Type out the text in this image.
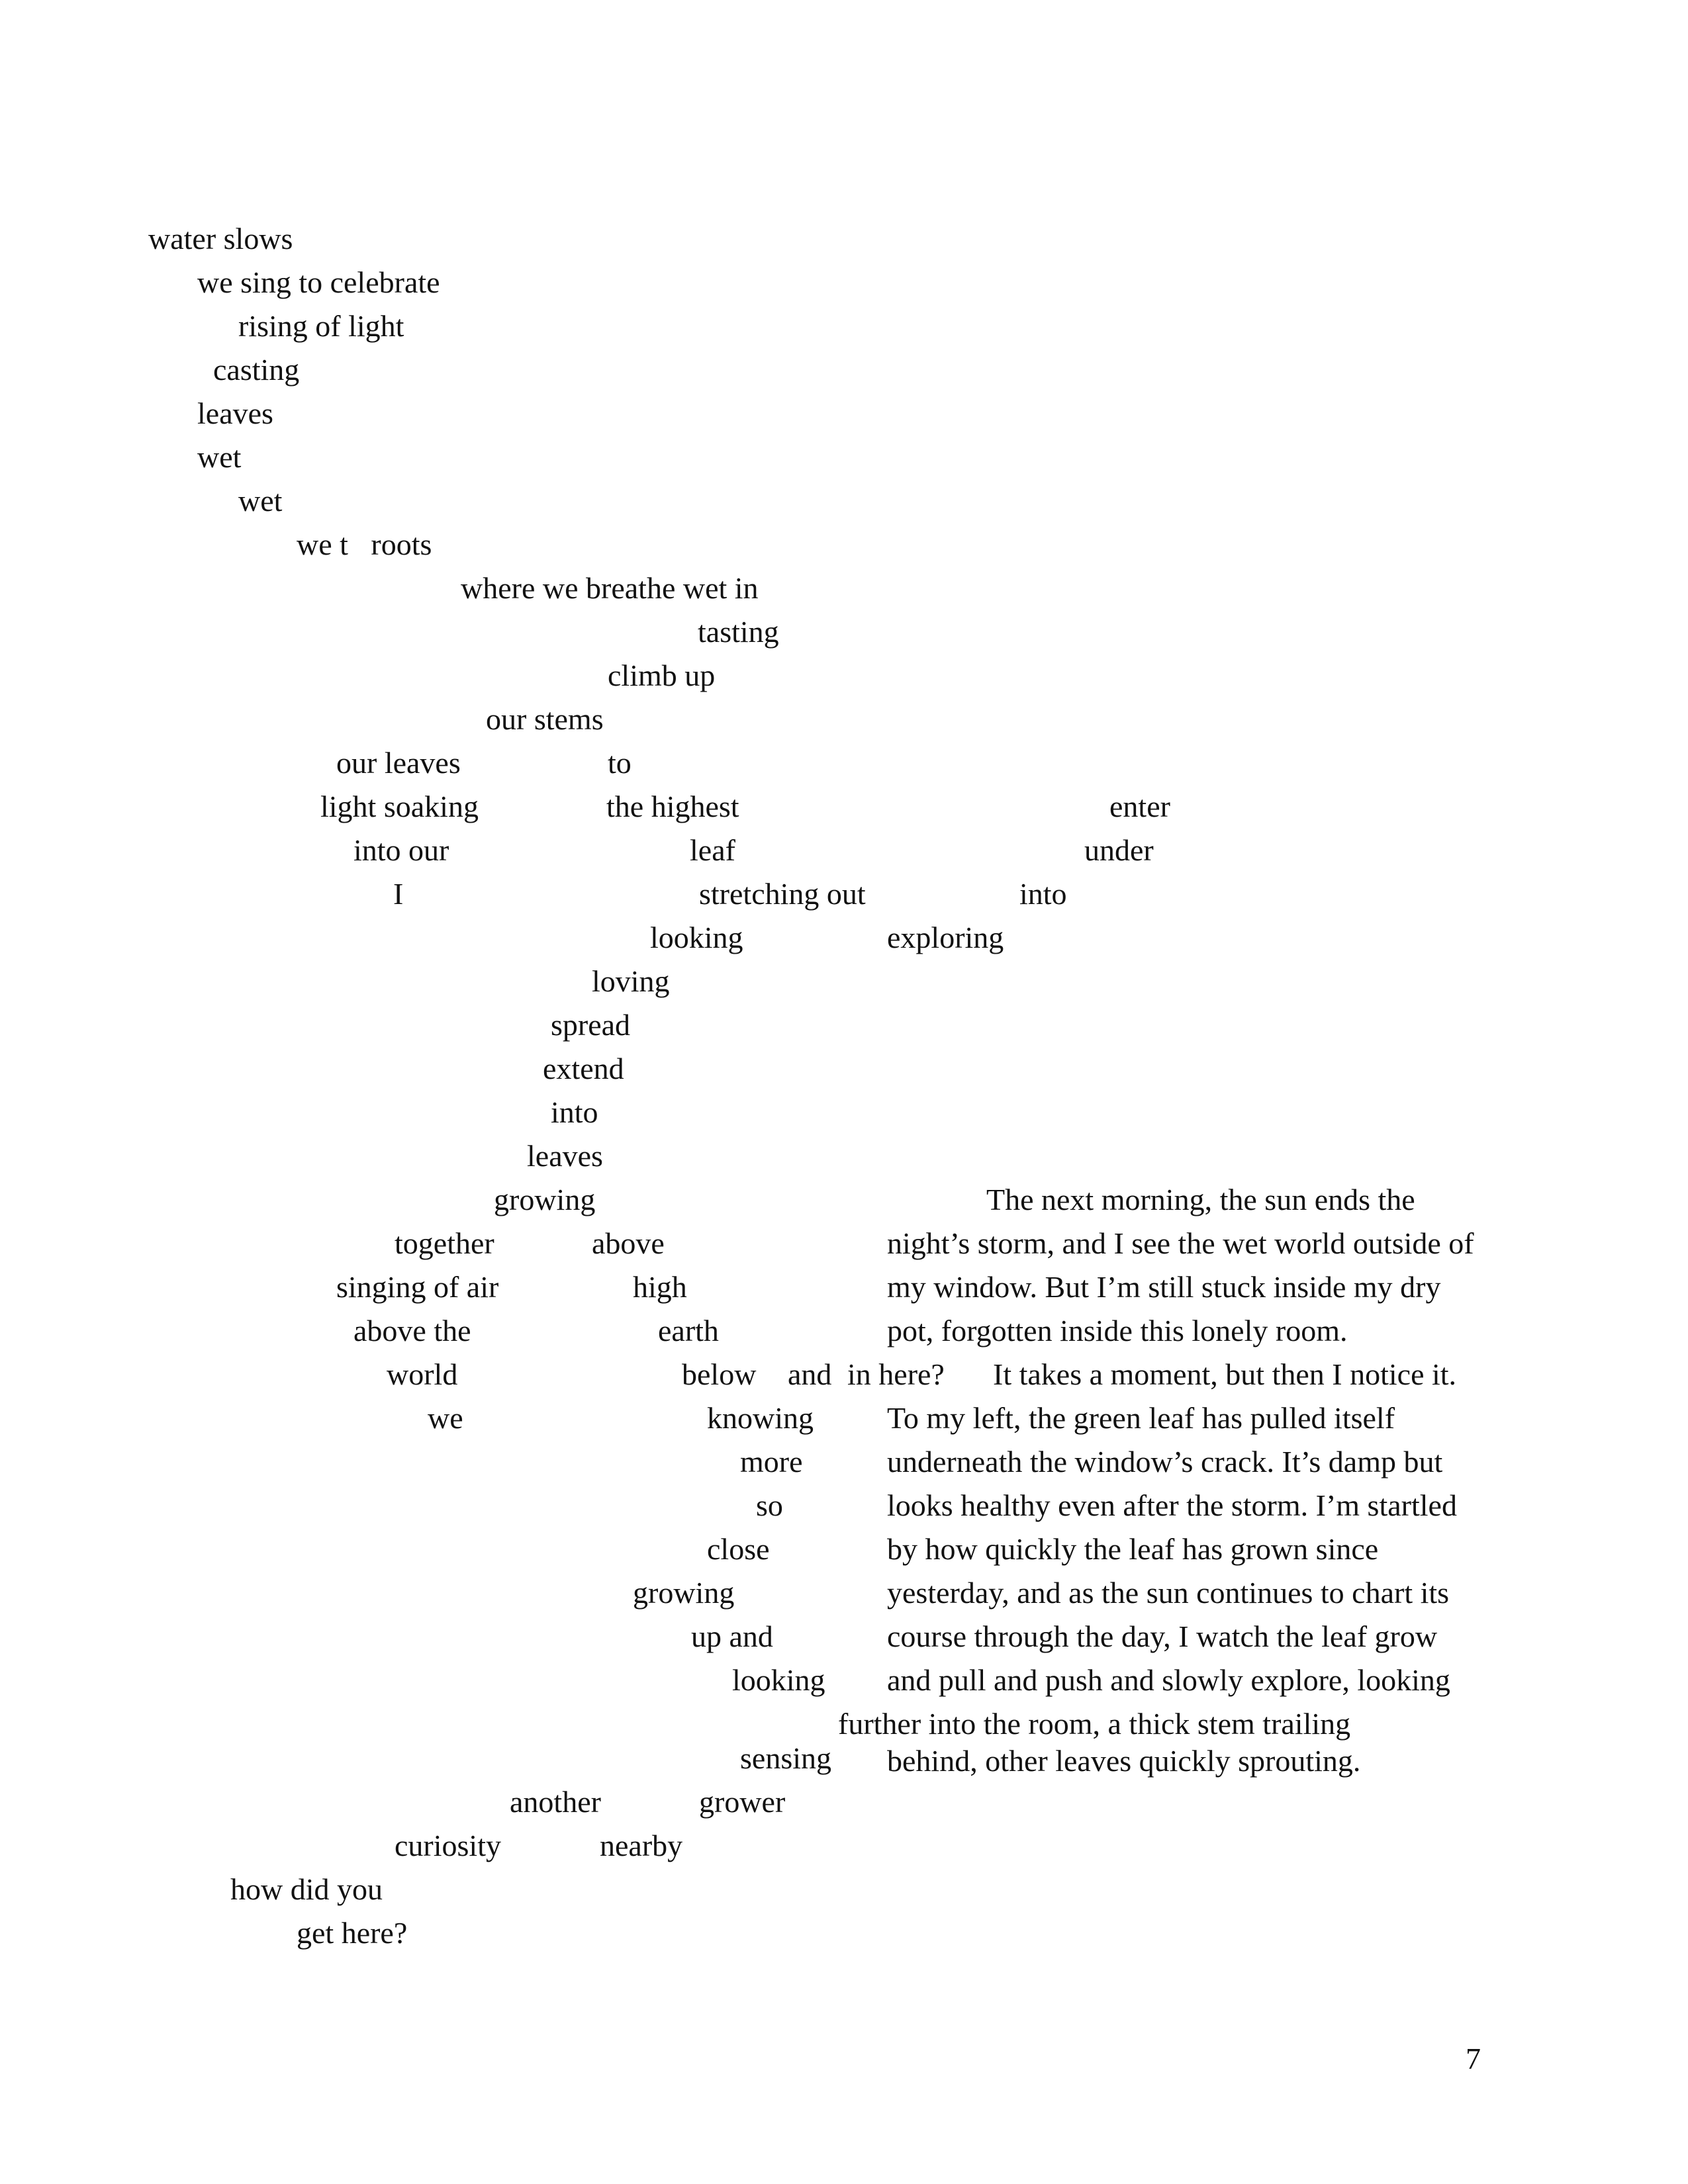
water slows
we sing to celebrate
rising of light
casting
leaves
wet
wet
we t   roots
where we breathe wet in
tasting
climb up
our stems
our leaves	to
light soaking	the highest	enter
into our	leaf	under
I	stretching out	into
looking	exploring
loving
spread
extend
into
leaves
growing
together	above
singing of air	high
above the	earth
world	below and in here?
we	knowing
more
so
close
growing
up and
looking
sensing
another	grower
curiosity	nearby
how did you
get here?
The next morning, the sun ends the
night’s storm, and I see the wet world outside of
my window. But I’m still stuck inside my dry
pot, forgotten inside this lonely room.
It takes a moment, but then I notice it.
To my left, the green leaf has pulled itself
underneath the window’s crack. It’s damp but
looks healthy even after the storm. I’m startled
by how quickly the leaf has grown since
yesterday, and as the sun continues to chart its
course through the day, I watch the leaf grow
and pull and push and slowly explore, looking
further into the room, a thick stem trailing
behind, other leaves quickly sprouting.
7
